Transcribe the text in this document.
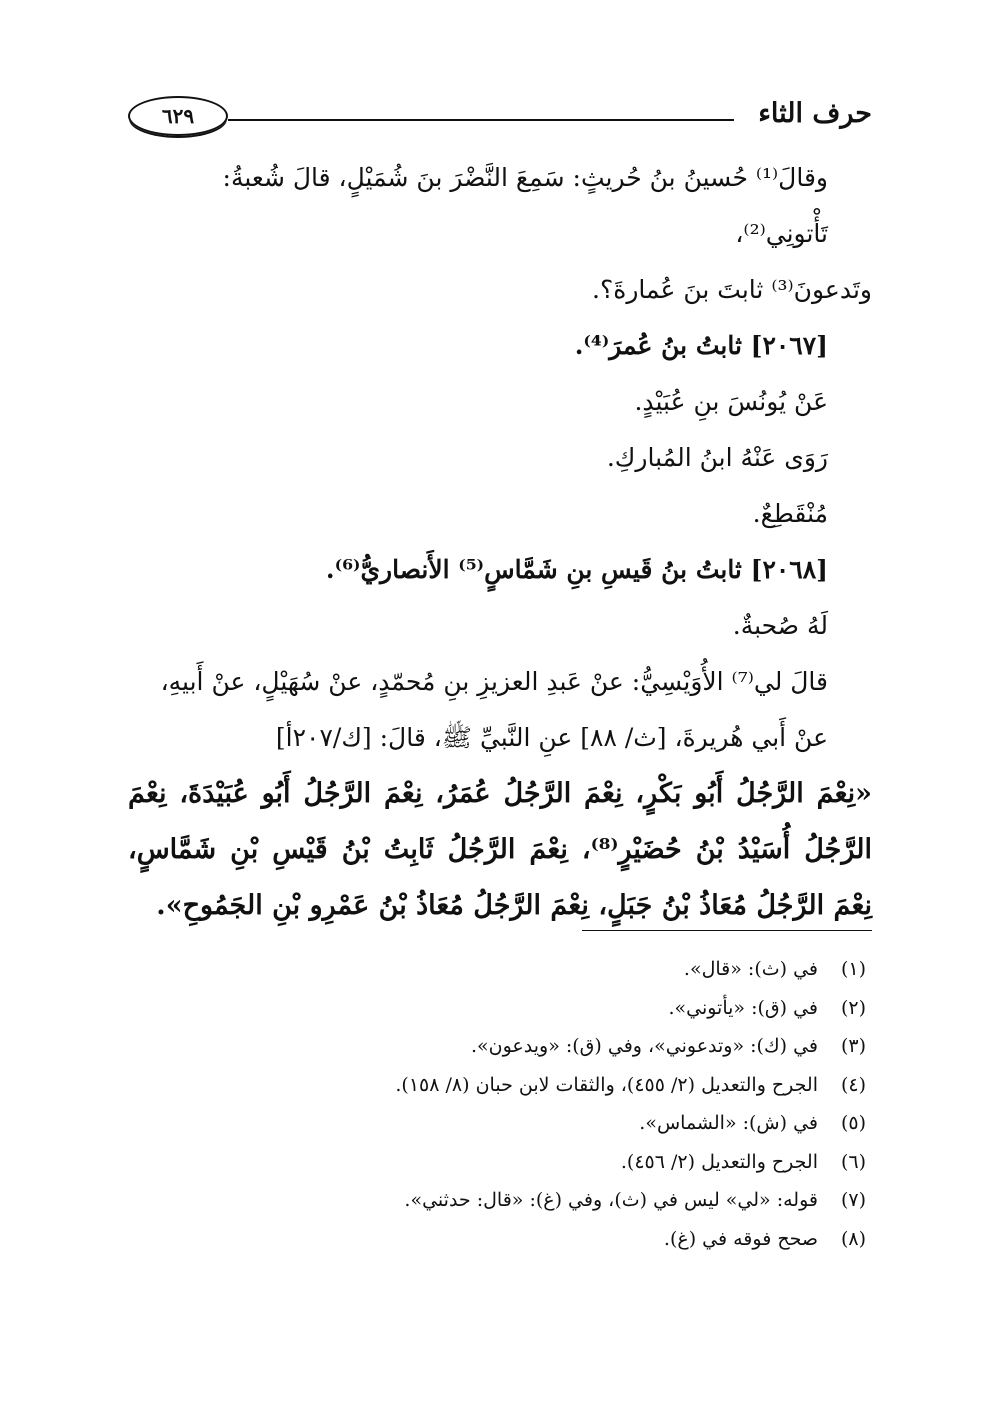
حرف الثاء
٦٢٩

وقالَ⁽¹⁾ حُسينُ بنُ حُريثٍ: سَمِعَ النَّضْرَ بنَ شُمَيْلٍ، قالَ شُعبةُ: تَأْتونِي⁽²⁾،

وتَدعونَ⁽³⁾ ثابتَ بنَ عُمارةَ؟.

[٢٠٦٧] ثابتُ بنُ عُمرَ⁽⁴⁾.

عَنْ يُونُسَ بنِ عُبَيْدٍ.

رَوَى عَنْهُ ابنُ المُباركِ.

مُنْقَطِعٌ.

[٢٠٦٨] ثابتُ بنُ قَيسِ بنِ شَمَّاسٍ⁽⁵⁾ الأَنصاريُّ⁽⁶⁾.

لَهُ صُحبةٌ.

قالَ لي⁽⁷⁾ الأُوَيْسِيُّ: عنْ عَبدِ العزيزِ بنِ مُحمّدٍ، عنْ سُهَيْلٍ، عنْ أَبيهِ، عنْ أَبي هُريرةَ، [ث/ ٨٨] عنِ النَّبيِّ ﷺ، قالَ: [ك/٢٠٧أ]

«نِعْمَ الرَّجُلُ أَبُو بَكْرٍ، نِعْمَ الرَّجُلُ عُمَرُ، نِعْمَ الرَّجُلُ أَبُو عُبَيْدَةَ، نِعْمَ الرَّجُلُ أُسَيْدُ بْنُ حُضَيْرٍ⁽⁸⁾، نِعْمَ الرَّجُلُ ثَابِتُ بْنُ قَيْسِ بْنِ شَمَّاسٍ، نِعْمَ الرَّجُلُ مُعَاذُ بْنُ جَبَلٍ، نِعْمَ الرَّجُلُ مُعَاذُ بْنُ عَمْرِو بْنِ الجَمُوحِ».

(١)
في (ث): «قال».
(٢)
في (ق): «يأتوني».
(٣)
في (ك): «وتدعوني»، وفي (ق): «ويدعون».
(٤)
الجرح والتعديل (٢/ ٤٥٥)، والثقات لابن حبان (٨/ ١٥٨).
(٥)
في (ش): «الشماس».
(٦)
الجرح والتعديل (٢/ ٤٥٦).
(٧)
قوله: «لي» ليس في (ث)، وفي (غ): «قال: حدثني».
(٨)
صحح فوقه في (غ).
